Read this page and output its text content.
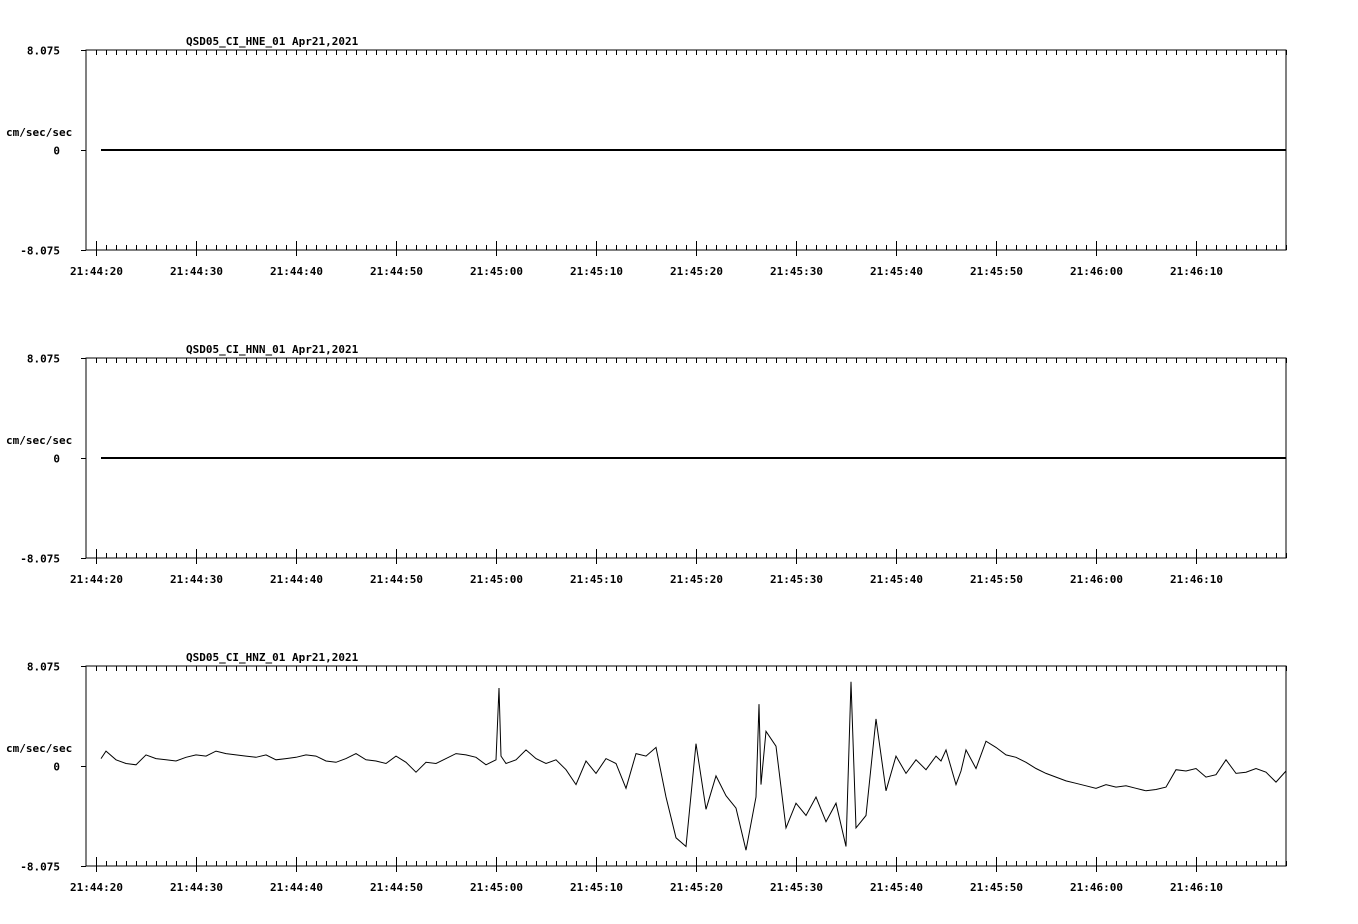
21:44:20	21:44:30	21:44:40	21:44:50	21:45:00	21:45:10	21:45:20	21:45:30	21:45:40	21:45:50	21:46:00	21:46:10
8.075
0
-8.075
cm/sec/sec
QSD05_CI_HNE_01 Apr21,2021
21:44:20	21:44:30	21:44:40	21:44:50	21:45:00	21:45:10	21:45:20	21:45:30	21:45:40	21:45:50	21:46:00	21:46:10
8.075
0
-8.075
cm/sec/sec
QSD05_CI_HNN_01 Apr21,2021
21:44:20	21:44:30	21:44:40	21:44:50	21:45:00	21:45:10	21:45:20	21:45:30	21:45:40	21:45:50	21:46:00	21:46:10
8.075
0
-8.075
cm/sec/sec
QSD05_CI_HNZ_01 Apr21,2021
